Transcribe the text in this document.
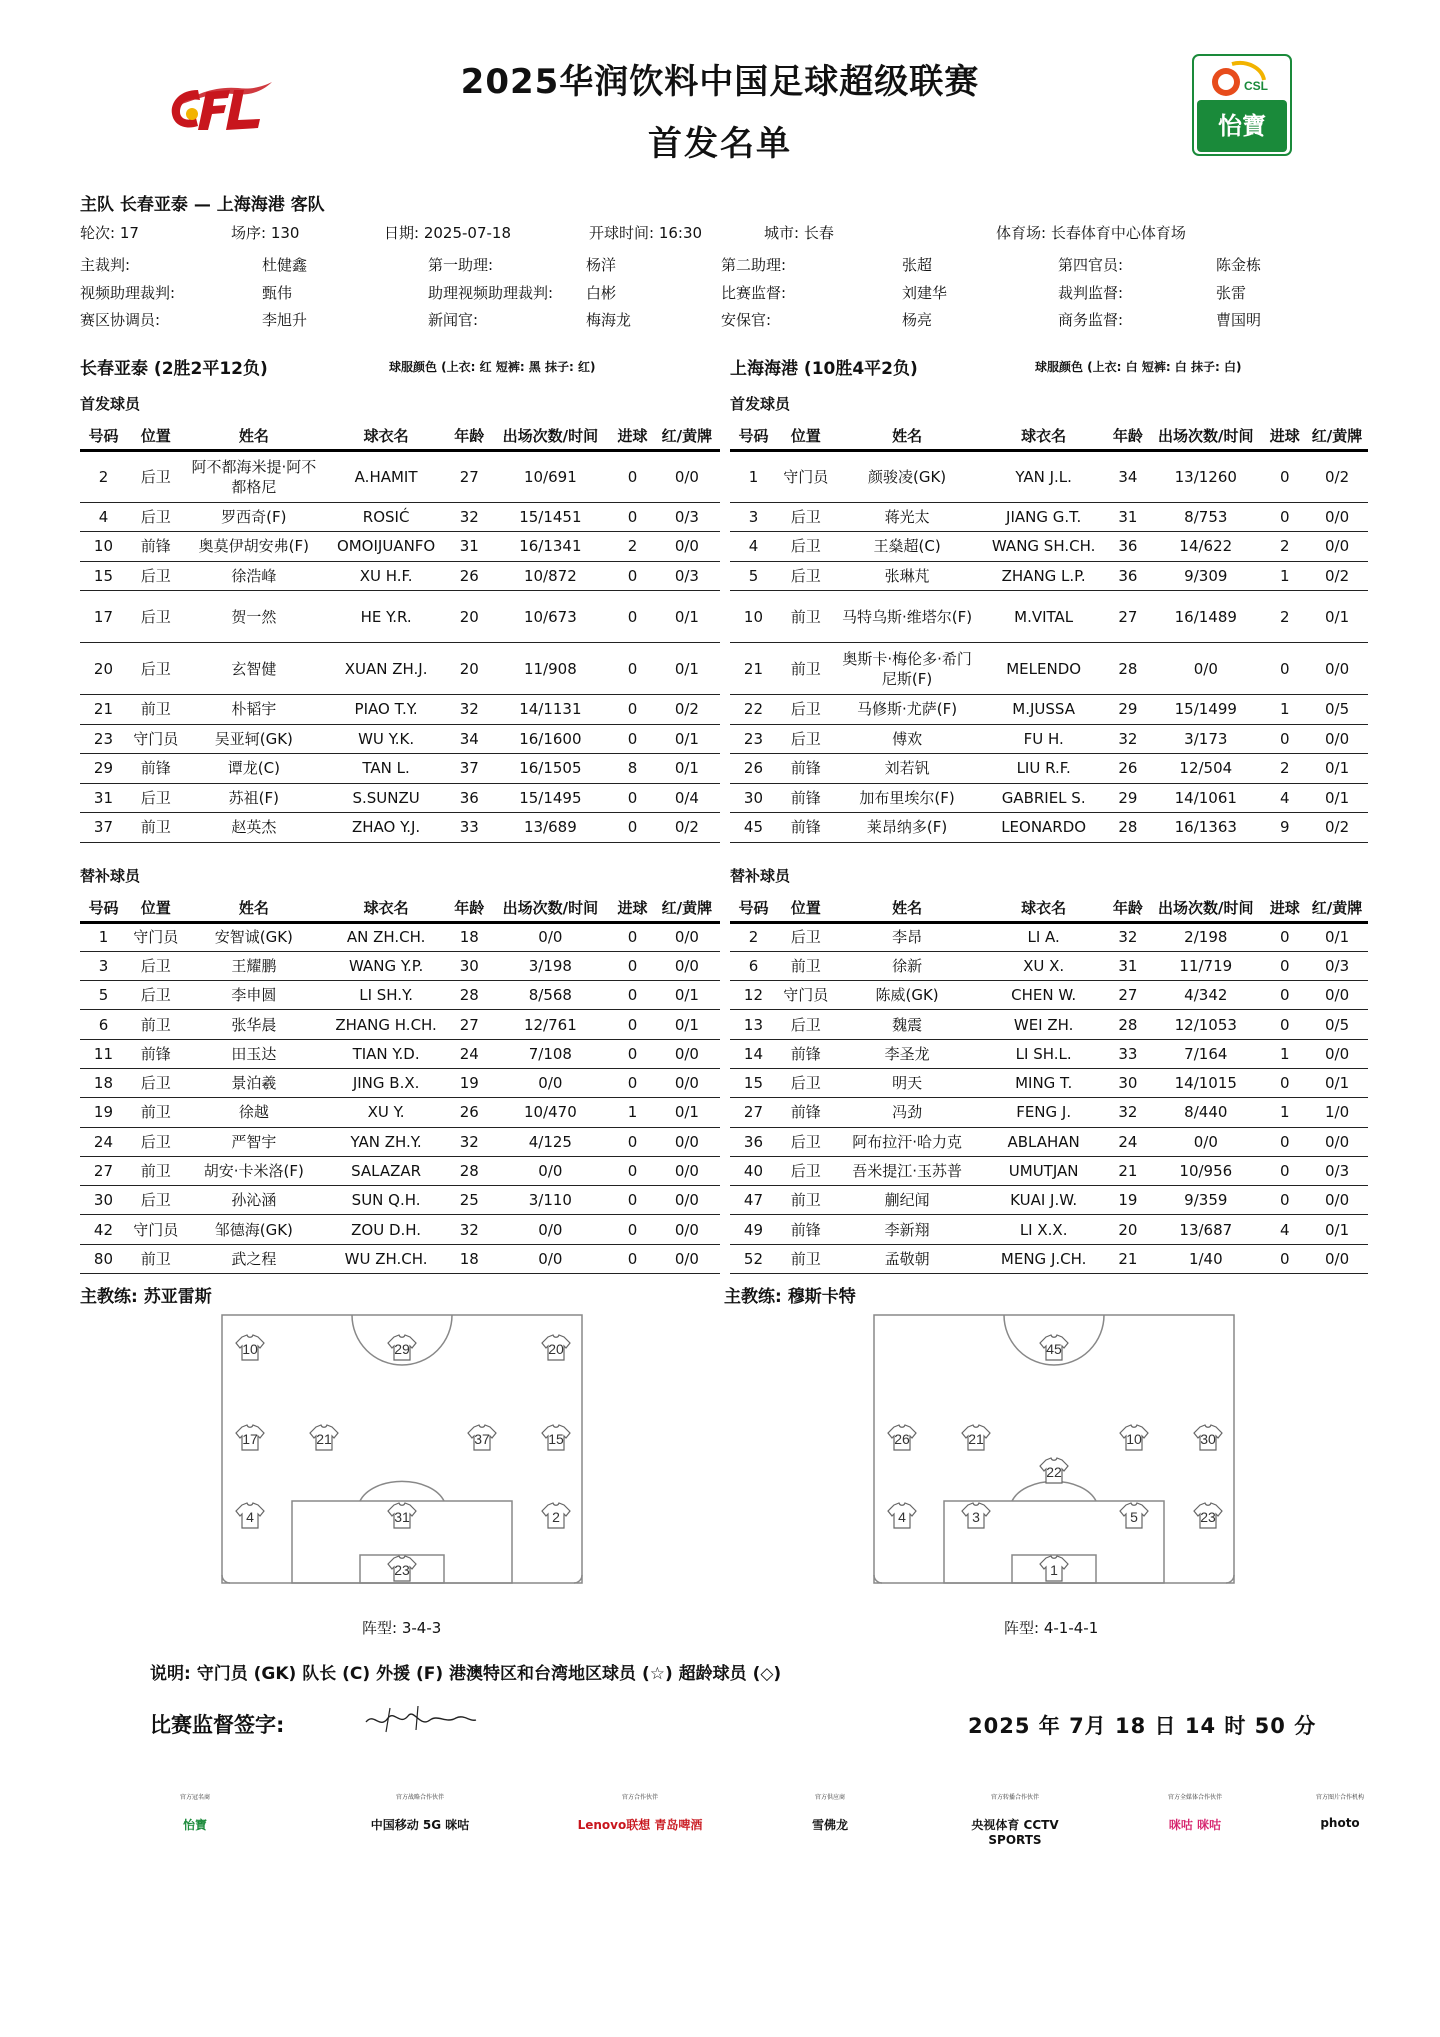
2025华润饮料中国足球超级联赛
首发名单
CSL
怡寶
主队 长春亚泰 — 上海海港 客队
轮次: 17	场序: 130	日期: 2025-07-18	开球时间: 16:30	城市: 长春	体育场: 长春体育中心体育场
主裁判:	杜健鑫	第一助理:	杨洋	第二助理:	张超	第四官员:	陈金栋
视频助理裁判:	甄伟	助理视频助理裁判: 白彬	比赛监督:	刘建华	裁判监督:	张雷
赛区协调员:	李旭升	新闻官:	梅海龙	安保官:	杨亮	商务监督:	曹国明
长春亚泰 (2胜2平12负)	球服颜色 (上衣: 红 短裤: 黑 抹子: 红)
首发球员
上海海港 (10胜4平2负)	球服颜色 (上衣: 白 短裤: 白 抹子: 白)
首发球员
号码	位置	姓名	球衣名	年龄	出场次数/时间	进球	红/黄牌
2	后卫	阿不都海米提·阿不都格尼	A.HAMIT	27	10/691	0	0/0
4	后卫	罗西奇(F)	ROSIĆ	32	15/1451	0	0/3
10	前锋	奥莫伊胡安弗(F)	OMOIJUANFO	31	16/1341	2	0/0
15	后卫	徐浩峰	XU H.F.	26	10/872	0	0/3
17	后卫	贺一然	HE Y.R.	20	10/673	0	0/1
20	后卫	玄智健	XUAN ZH.J.	20	11/908	0	0/1
21	前卫	朴韬宇	PIAO T.Y.	32	14/1131	0	0/2
23	守门员	吴亚轲(GK)	WU Y.K.	34	16/1600	0	0/1
29	前锋	谭龙(C)	TAN L.	37	16/1505	8	0/1
31	后卫	苏祖(F)	S.SUNZU	36	15/1495	0	0/4
37	前卫	赵英杰	ZHAO Y.J.	33	13/689	0	0/2
号码	位置	姓名	球衣名	年龄	出场次数/时间	进球	红/黄牌
1	守门员	颜骏凌(GK)	YAN J.L.	34	13/1260	0	0/2
3	后卫	蒋光太	JIANG G.T.	31	8/753	0	0/0
4	后卫	王燊超(C)	WANG SH.CH.	36	14/622	2	0/0
5	后卫	张琳芃	ZHANG L.P.	36	9/309	1	0/2
10	前卫	马特乌斯·维塔尔(F)	M.VITAL	27	16/1489	2	0/1
21	前卫	奥斯卡·梅伦多·希门尼斯(F)	MELENDO	28	0/0	0	0/0
22	后卫	马修斯·尤萨(F)	M.JUSSA	29	15/1499	1	0/5
23	后卫	傅欢	FU H.	32	3/173	0	0/0
26	前锋	刘若钒	LIU R.F.	26	12/504	2	0/1
30	前锋	加布里埃尔(F)	GABRIEL S.	29	14/1061	4	0/1
45	前锋	莱昂纳多(F)	LEONARDO	28	16/1363	9	0/2
替补球员	替补球员
号码	位置	姓名	球衣名	年龄	出场次数/时间	进球	红/黄牌
1	守门员	安智诚(GK)	AN ZH.CH.	18	0/0	0	0/0
3	后卫	王耀鹏	WANG Y.P.	30	3/198	0	0/0
5	后卫	李申圆	LI SH.Y.	28	8/568	0	0/1
6	前卫	张华晨	ZHANG H.CH.	27	12/761	0	0/1
11	前锋	田玉达	TIAN Y.D.	24	7/108	0	0/0
18	后卫	景泊羲	JING B.X.	19	0/0	0	0/0
19	前卫	徐越	XU Y.	26	10/470	1	0/1
24	后卫	严智宇	YAN ZH.Y.	32	4/125	0	0/0
27	前卫	胡安·卡米洛(F)	SALAZAR	28	0/0	0	0/0
30	后卫	孙沁涵	SUN Q.H.	25	3/110	0	0/0
42	守门员	邹德海(GK)	ZOU D.H.	32	0/0	0	0/0
80	前卫	武之程	WU ZH.CH.	18	0/0	0	0/0
号码	位置	姓名	球衣名	年龄	出场次数/时间	进球	红/黄牌
2	后卫	李昂	LI A.	32	2/198	0	0/1
6	前卫	徐新	XU X.	31	11/719	0	0/3
12	守门员	陈威(GK)	CHEN W.	27	4/342	0	0/0
13	后卫	魏震	WEI ZH.	28	12/1053	0	0/5
14	前锋	李圣龙	LI SH.L.	33	7/164	1	0/0
15	后卫	明天	MING T.	30	14/1015	0	0/1
27	前锋	冯劲	FENG J.	32	8/440	1	1/0
36	后卫	阿布拉汗·哈力克	ABLAHAN	24	0/0	0	0/0
40	后卫	吾米提江·玉苏普	UMUTJAN	21	10/956	0	0/3
47	前卫	蒯纪闻	KUAI J.W.	19	9/359	0	0/0
49	前锋	李新翔	LI X.X.	20	13/687	4	0/1
52	前卫	孟敬朝	MENG J.CH.	21	1/40	0	0/0
主教练: 苏亚雷斯	主教练: 穆斯卡特
10	29	20
17	21	37	15
4	31	2
23
45
26	21	10	30
22
4	3	5	23
1
阵型: 3-4-3	阵型: 4-1-4-1
说明: 守门员 (GK) 队长 (C) 外援 (F) 港澳特区和台湾地区球员 (☆) 超龄球员 (◇)
比赛监督签字:	2025 年 7月 18 日 14 时 50 分
官方冠名商
怡寶
官方战略合作伙伴
中国移动 5G 咪咕
官方合作伙伴
Lenovo联想 青岛啤酒
官方供应商
雪佛龙
官方转播合作伙伴
央视体育 CCTV SPORTS
官方全媒体合作伙伴
咪咕 咪咕
官方图片合作机构
photo
